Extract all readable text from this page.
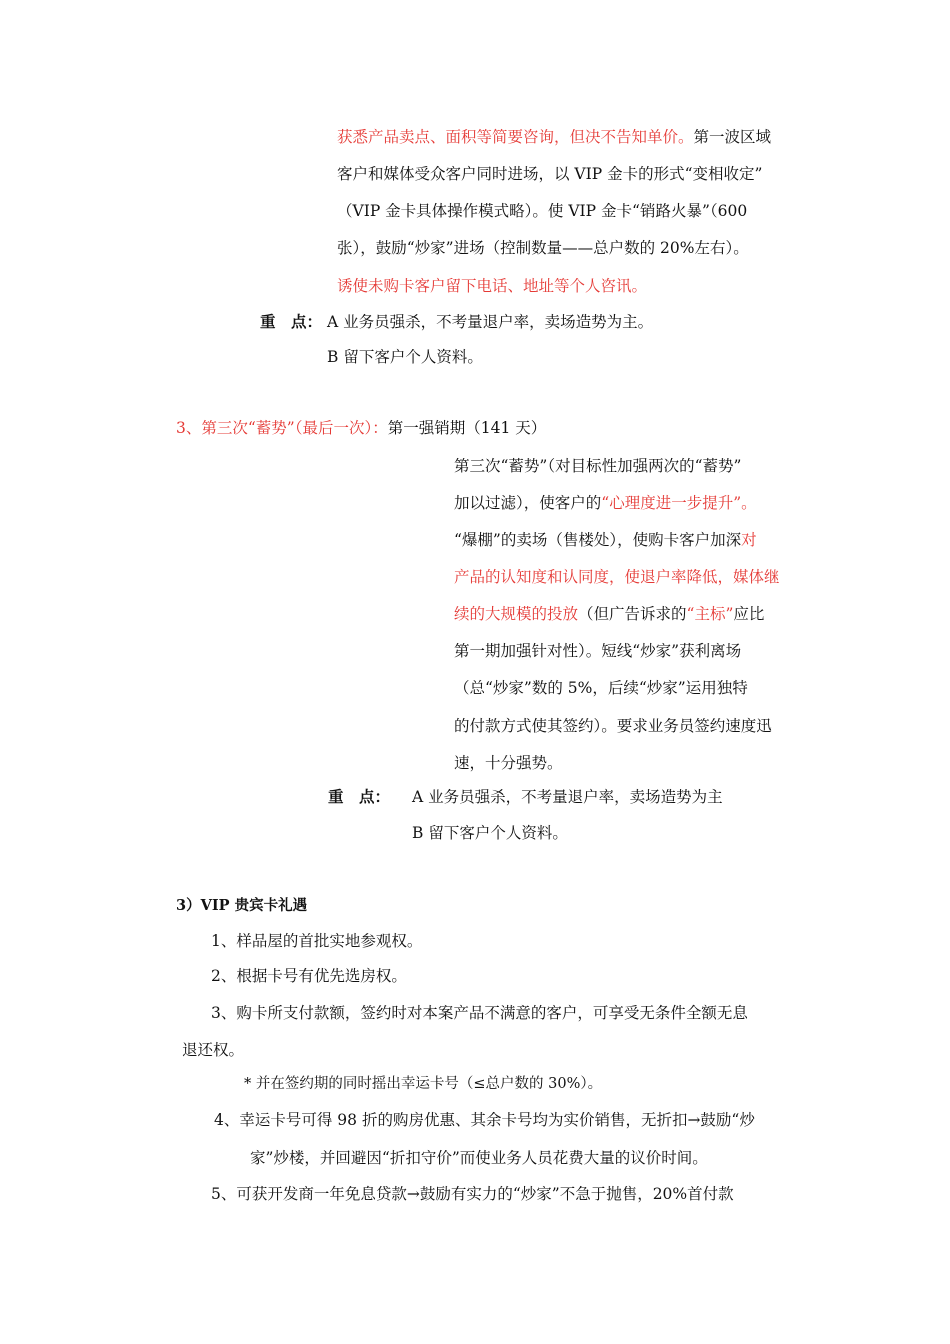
获悉产品卖点、面积等简要咨询，但决不告知单价。第一波区域
客户和媒体受众客户同时进场，以 VIP 金卡的形式“变相收定”
（VIP 金卡具体操作模式略）。使 VIP 金卡“销路火暴”（600
张），鼓励“炒家”进场（控制数量——总户数的 20%左右）。
诱使未购卡客户留下电话、地址等个人咨讯。
重　点： A 业务员强杀，不考量退户率，卖场造势为主。
B 留下客户个人资料。
3、第三次“蓄势”（最后一次）：第一强销期（141 天）
第三次“蓄势”（对目标性加强两次的“蓄势”
加以过滤），使客户的“心理度进一步提升”。
“爆棚”的卖场（售楼处），使购卡客户加深对
产品的认知度和认同度，使退户率降低，媒体继
续的大规模的投放（但广告诉求的“主标”应比
第一期加强针对性）。短线“炒家”获利离场
（总“炒家”数的 5%，后续“炒家”运用独特
的付款方式使其签约）。要求业务员签约速度迅
速，十分强势。
重　点： A 业务员强杀，不考量退户率，卖场造势为主
B 留下客户个人资料。
3）VIP 贵宾卡礼遇
1、样品屋的首批实地参观权。
2、根据卡号有优先选房权。
3、购卡所支付款额，签约时对本案产品不满意的客户，可享受无条件全额无息
退还权。
* 并在签约期的同时摇出幸运卡号（≤总户数的 30%）。
4、幸运卡号可得 98 折的购房优惠、其余卡号均为实价销售，无折扣→鼓励“炒
家”炒楼，并回避因“折扣守价”而使业务人员花费大量的议价时间。
5、可获开发商一年免息贷款→鼓励有实力的“炒家”不急于抛售，20%首付款
